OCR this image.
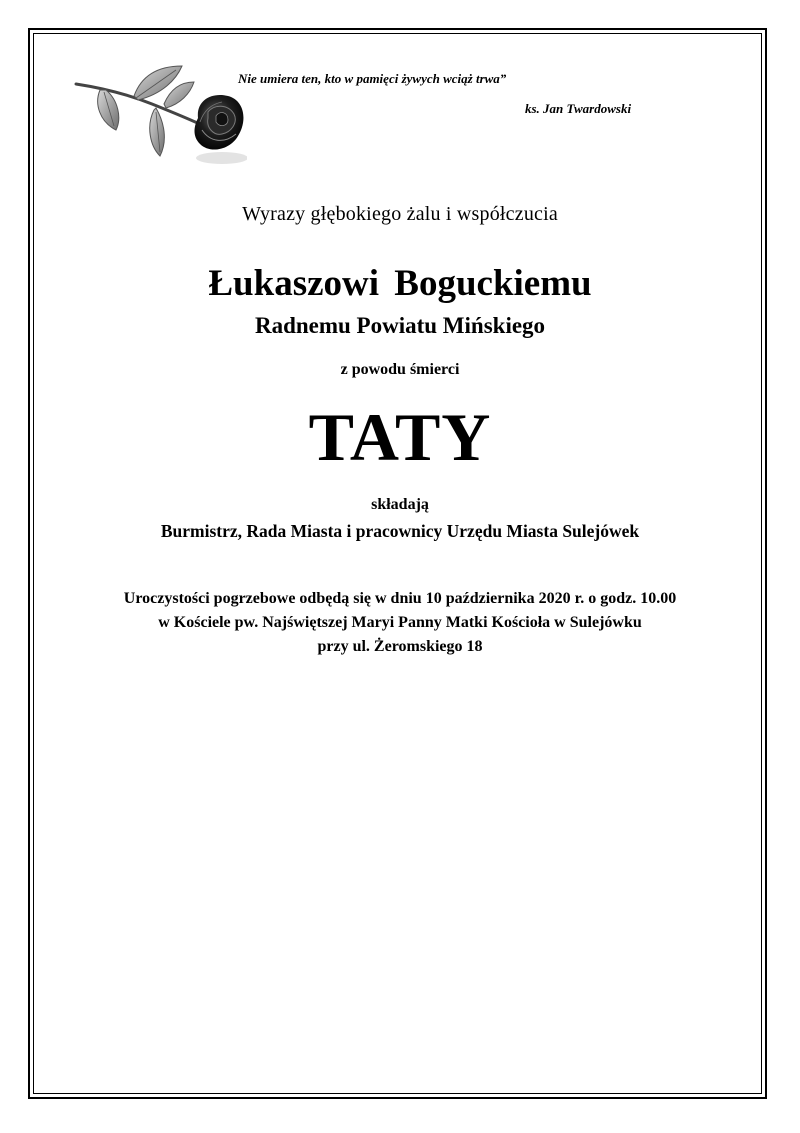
Nie umiera ten, kto w pamięci żywych wciąż trwa”
ks. Jan Twardowski
Wyrazy głębokiego żalu i współczucia
Łukaszowi Boguckiemu
Radnemu Powiatu Mińskiego
z powodu śmierci
TATY
składają
Burmistrz, Rada Miasta i pracownicy Urzędu Miasta Sulejówek
Uroczystości pogrzebowe odbędą się w dniu 10 października 2020 r. o godz. 10.00
w Kościele pw. Najświętszej Maryi Panny Matki Kościoła w Sulejówku
przy ul. Żeromskiego 18
